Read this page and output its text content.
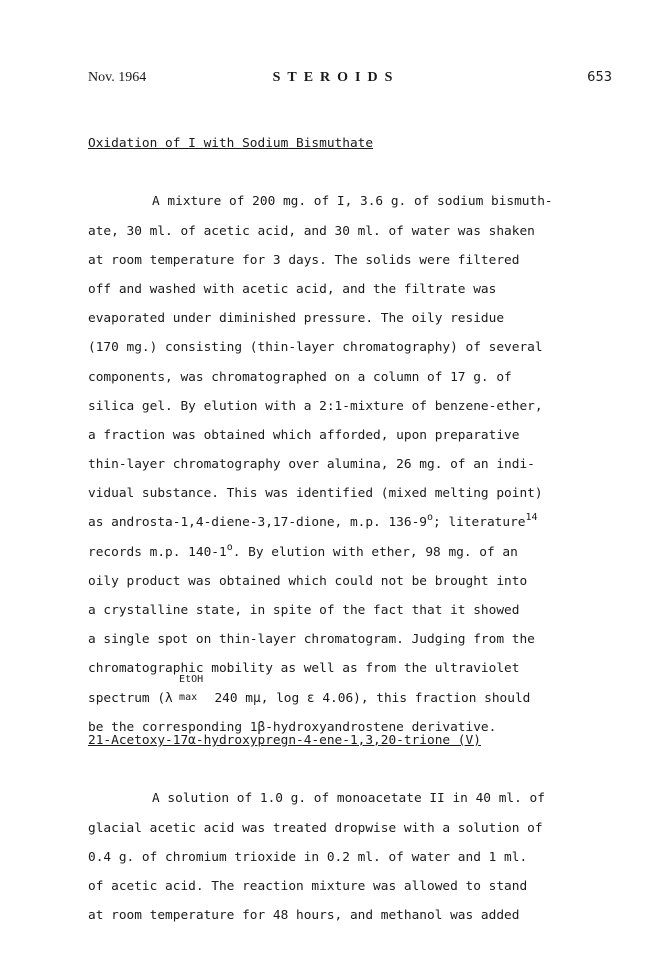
Nov. 1964	STEROIDS	653
Oxidation of I with Sodium Bismuthate
A mixture of 200 mg. of I, 3.6 g. of sodium bismuth-
ate, 30 ml. of acetic acid, and 30 ml. of water was shaken
at room temperature for 3 days. The solids were filtered
off and washed with acetic acid, and the filtrate was
evaporated under diminished pressure. The oily residue
(170 mg.) consisting (thin-layer chromatography) of several
components, was chromatographed on a column of 17 g. of
silica gel. By elution with a 2:1-mixture of benzene-ether,
a fraction was obtained which afforded, upon preparative
thin-layer chromatography over alumina, 26 mg. of an indi-
vidual substance. This was identified (mixed melting point)
as androsta-1,4-diene-3,17-dione, m.p. 136-9$^o$; literature$^{14}$
records m.p. 140-1$^o$. By elution with ether, 98 mg. of an
oily product was obtained which could not be brought into
a crystalline state, in spite of the fact that it showed
a single spot on thin-layer chromatogram. Judging from the
chromatographic mobility as well as from the ultraviolet
spectrum (λ
EtOH
max 240 mμ, log ε 4.06), this fraction should
be the corresponding 1β-hydroxyandrostene derivative.
21-Acetoxy-17α-hydroxypregn-4-ene-1,3,20-trione (V)
A solution of 1.0 g. of monoacetate II in 40 ml. of
glacial acetic acid was treated dropwise with a solution of
0.4 g. of chromium trioxide in 0.2 ml. of water and 1 ml.
of acetic acid. The reaction mixture was allowed to stand
at room temperature for 48 hours, and methanol was added
